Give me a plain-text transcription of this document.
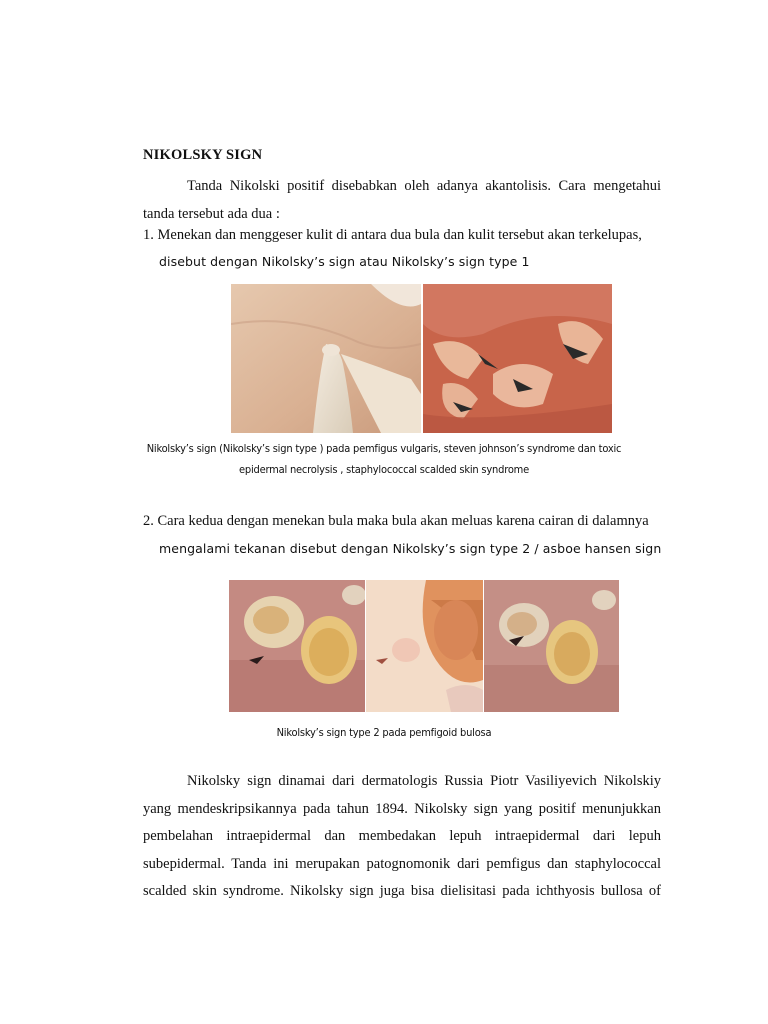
NIKOLSKY SIGN
Tanda Nikolski positif disebabkan oleh adanya akantolisis. Cara mengetahui
tanda tersebut ada dua :
1. Menekan dan menggeser kulit di antara dua bula dan kulit tersebut akan terkelupas,
disebut dengan Nikolsky’s sign atau Nikolsky’s sign type 1
Nikolsky’s sign (Nikolsky’s sign type ) pada pemfigus vulgaris, steven johnson’s syndrome dan toxic
epidermal necrolysis , staphylococcal scalded skin syndrome
2. Cara kedua dengan menekan bula maka bula akan meluas karena cairan di dalamnya
mengalami tekanan disebut dengan Nikolsky’s sign type 2 / asboe hansen sign
Nikolsky’s sign type 2 pada pemfigoid bulosa
Nikolsky sign dinamai dari dermatologis Russia Piotr Vasiliyevich Nikolskiy
yang mendeskripsikannya pada tahun 1894. Nikolsky sign yang positif menunjukkan
pembelahan intraepidermal dan membedakan lepuh intraepidermal dari lepuh
subepidermal. Tanda ini merupakan patognomonik dari pemfigus dan staphylococcal
scalded skin syndrome. Nikolsky sign juga bisa dielisitasi pada ichthyosis bullosa of
